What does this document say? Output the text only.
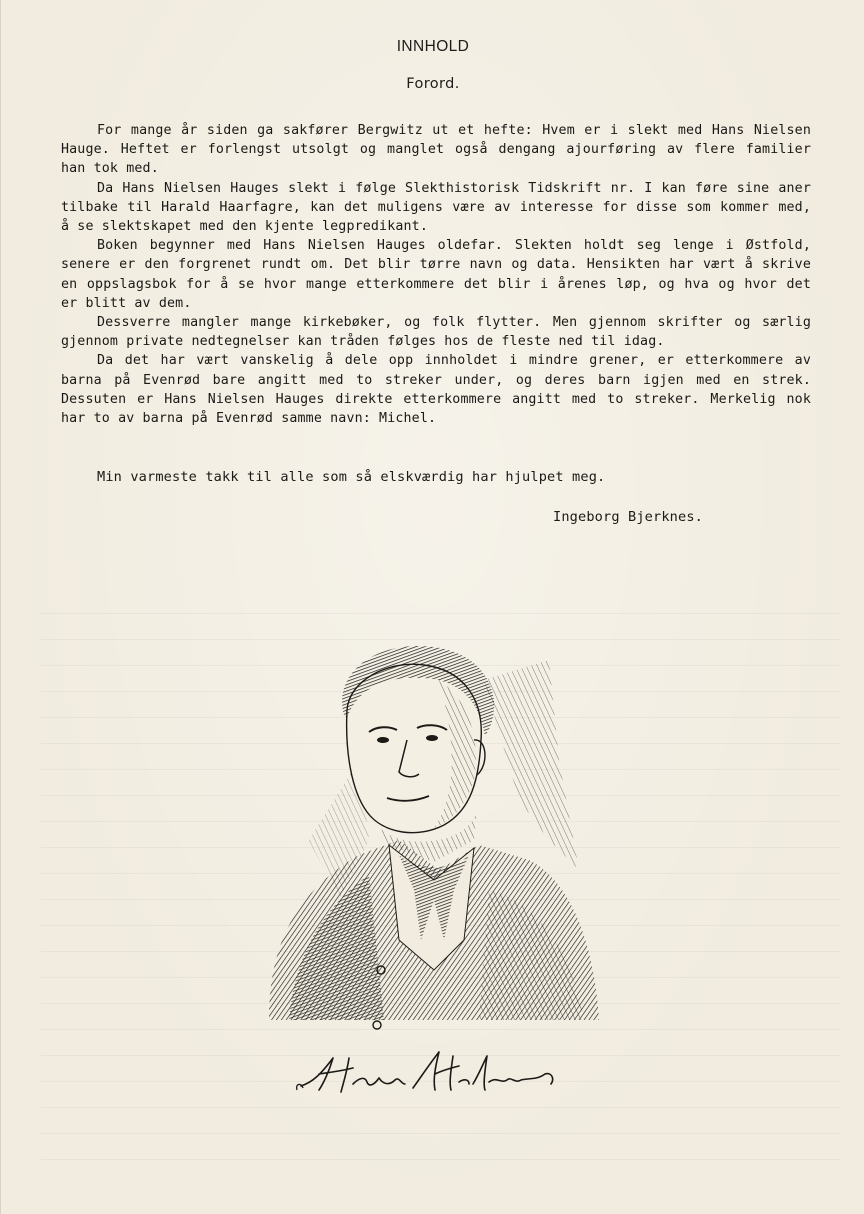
INNHOLD
Forord.

For mange år siden ga sakfører Bergwitz ut et hefte: Hvem er i slekt med Hans Nielsen Hauge. Heftet er forlengst utsolgt og manglet også dengang ajourføring av flere familier han tok med.

Da Hans Nielsen Hauges slekt i følge Slekthistorisk Tidskrift nr. I kan føre sine aner tilbake til Harald Haarfagre, kan det muligens være av interesse for disse som kommer med, å se slektskapet med den kjente legpredikant.

Boken begynner med Hans Nielsen Hauges oldefar. Slekten holdt seg lenge i Østfold, senere er den forgrenet rundt om. Det blir tørre navn og data. Hensikten har vært å skrive en oppslagsbok for å se hvor mange etterkommere det blir i årenes løp, og hva og hvor det er blitt av dem.

Dessverre mangler mange kirkebøker, og folk flytter. Men gjennom skrifter og særlig gjennom private nedtegnelser kan tråden følges hos de fleste ned til idag.

Da det har vært vanskelig å dele opp innholdet i mindre grener, er etterkommere av barna på Evenrød bare angitt med to streker under, og deres barn igjen med en strek. Dessuten er Hans Nielsen Hauges direkte etterkommere angitt med to streker. Merkelig nok har to av barna på Evenrød samme navn: Michel.

Min varmeste takk til alle som så elskværdig har hjulpet meg.
Ingeborg Bjerknes.
